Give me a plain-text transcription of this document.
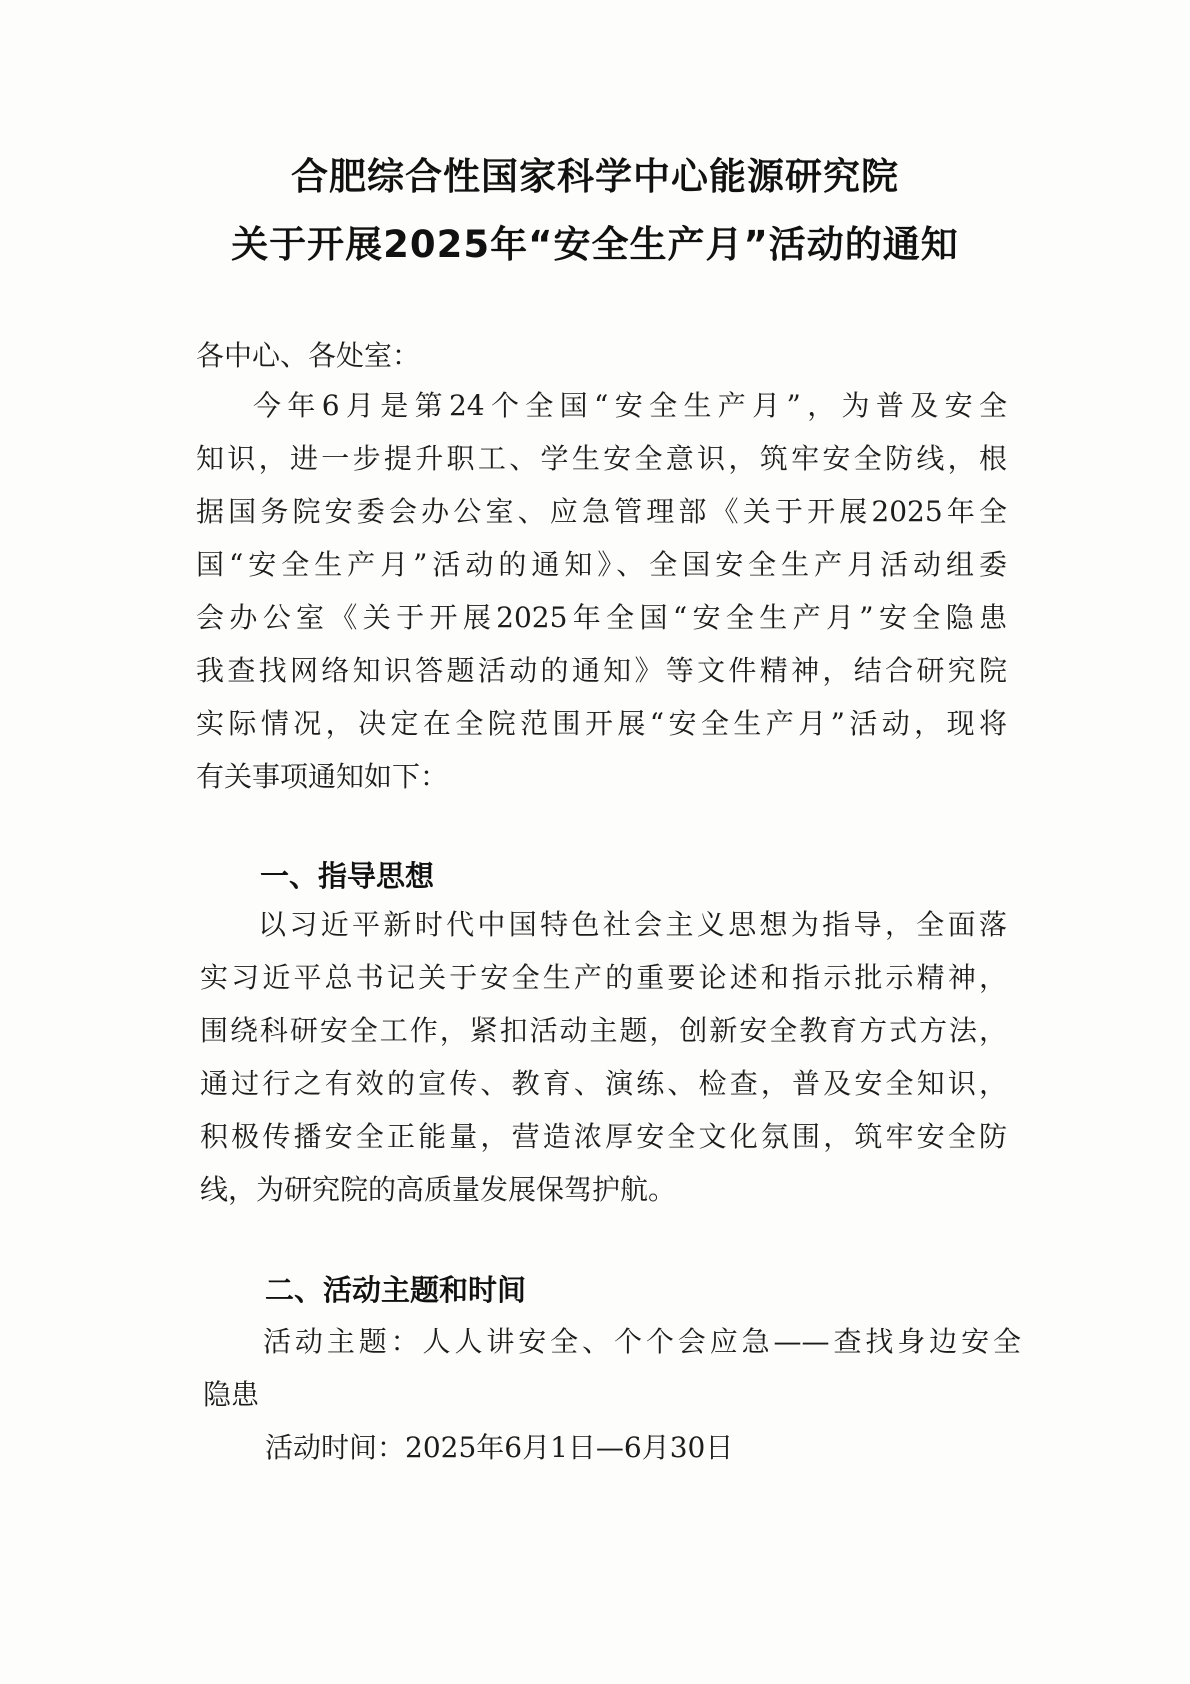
合肥综合性国家科学中心能源研究院
关于开展2025年“安全生产月”活动的通知
各中心、各处室：
今年6月是第24个全国“安全生产月”，为普及安全
知识，进一步提升职工、学生安全意识，筑牢安全防线，根
据国务院安委会办公室、应急管理部《关于开展2025年全
国“安全生产月”活动的通知》、全国安全生产月活动组委
会办公室《关于开展2025年全国“安全生产月”安全隐患
我查找网络知识答题活动的通知》等文件精神，结合研究院
实际情况，决定在全院范围开展“安全生产月”活动，现将
有关事项通知如下：
一、指导思想
以习近平新时代中国特色社会主义思想为指导，全面落
实习近平总书记关于安全生产的重要论述和指示批示精神，
围绕科研安全工作，紧扣活动主题，创新安全教育方式方法，
通过行之有效的宣传、教育、演练、检查，普及安全知识，
积极传播安全正能量，营造浓厚安全文化氛围，筑牢安全防
线，为研究院的高质量发展保驾护航。
二、活动主题和时间
活动主题：人人讲安全、个个会应急——查找身边安全
隐患
活动时间：2025年6月1日—6月30日
